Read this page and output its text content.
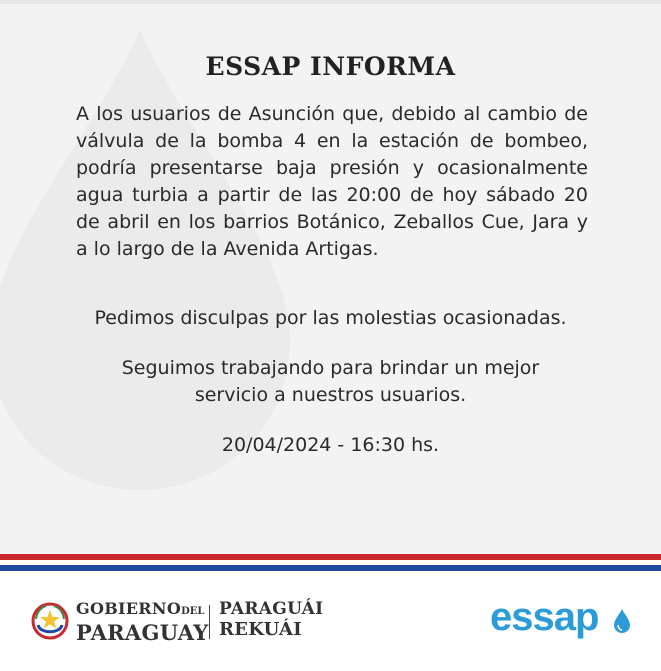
ESSAP INFORMA
A los usuarios de Asunción que, debido al cambio de válvula de la bomba 4 en la estación de bombeo, podría presentarse baja presión y ocasionalmente agua turbia a partir de las 20:00 de hoy sábado 20 de abril en los barrios Botánico, Zeballos Cue, Jara y a lo largo de la Avenida Artigas.
Pedimos disculpas por las molestias ocasionadas.
Seguimos trabajando para brindar un mejor
servicio a nuestros usuarios.
20/04/2024 - 16:30 hs.
GOBIERNODEL
PARAGUAY
PARAGUÁI
REKUÁI	essap
